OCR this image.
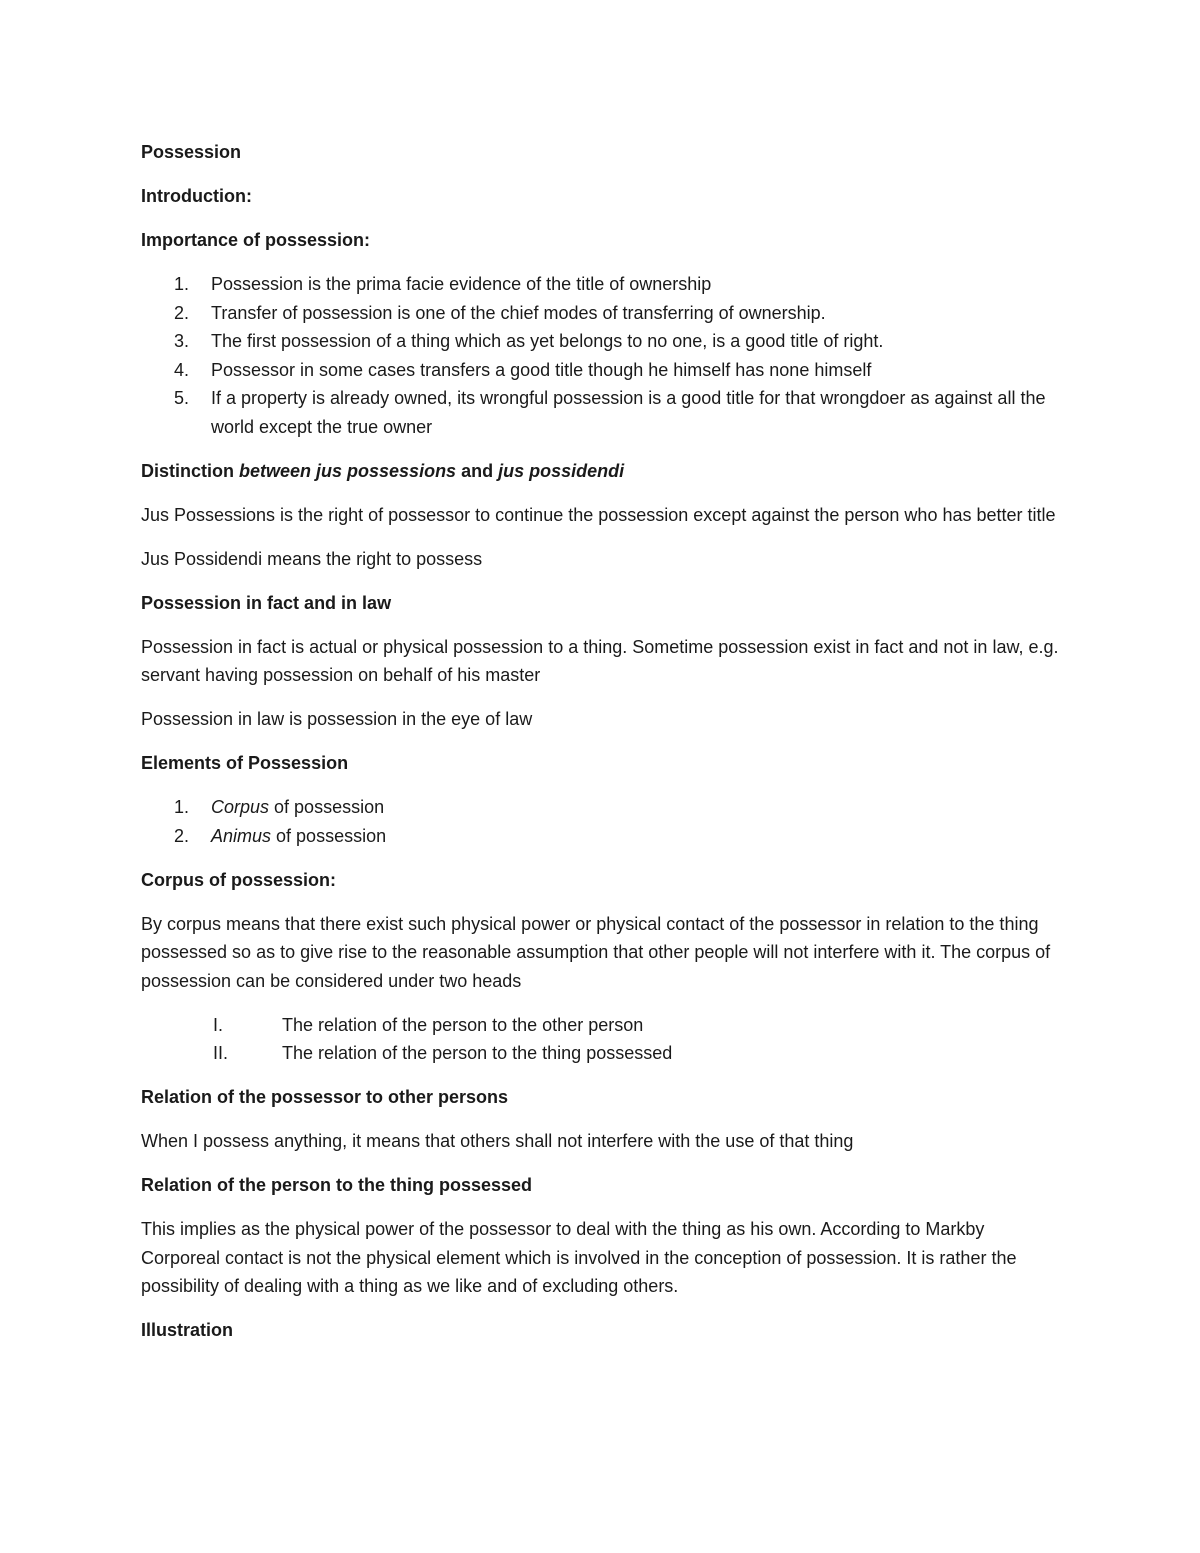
Possession

Introduction:

Importance of possession:

1. Possession is the prima facie evidence of the title of ownership
2. Transfer of possession is one of the chief modes of transferring of ownership.
3. The first possession of a thing which as yet belongs to no one, is a good title of right.
4. Possessor in some cases transfers a good title though he himself has none himself
5. If a property is already owned, its wrongful possession is a good title for that wrongdoer as against all the world except the true owner

Distinction between jus possessions and jus possidendi

Jus Possessions is the right of possessor to continue the possession except against the person who has better title

Jus Possidendi means the right to possess

Possession in fact and in law

Possession in fact is actual or physical possession to a thing. Sometime possession exist in fact and not in law, e.g. servant having possession on behalf of his master

Possession in law is possession in the eye of law

Elements of Possession

1. Corpus of possession
2. Animus of possession

Corpus of possession:

By corpus means that there exist such physical power or physical contact of the possessor in relation to the thing possessed so as to give rise to the reasonable assumption that other people will not interfere with it. The corpus of possession can be considered under two heads

I.	The relation of the person to the other person
II.	The relation of the person to the thing possessed

Relation of the possessor to other persons

When I possess anything, it means that others shall not interfere with the use of that thing

Relation of the person to the thing possessed

This implies as the physical power of the possessor to deal with the thing as his own. According to Markby Corporeal contact is not the physical element which is involved in the conception of possession. It is rather the possibility of dealing with a thing as we like and of excluding others.

Illustration
